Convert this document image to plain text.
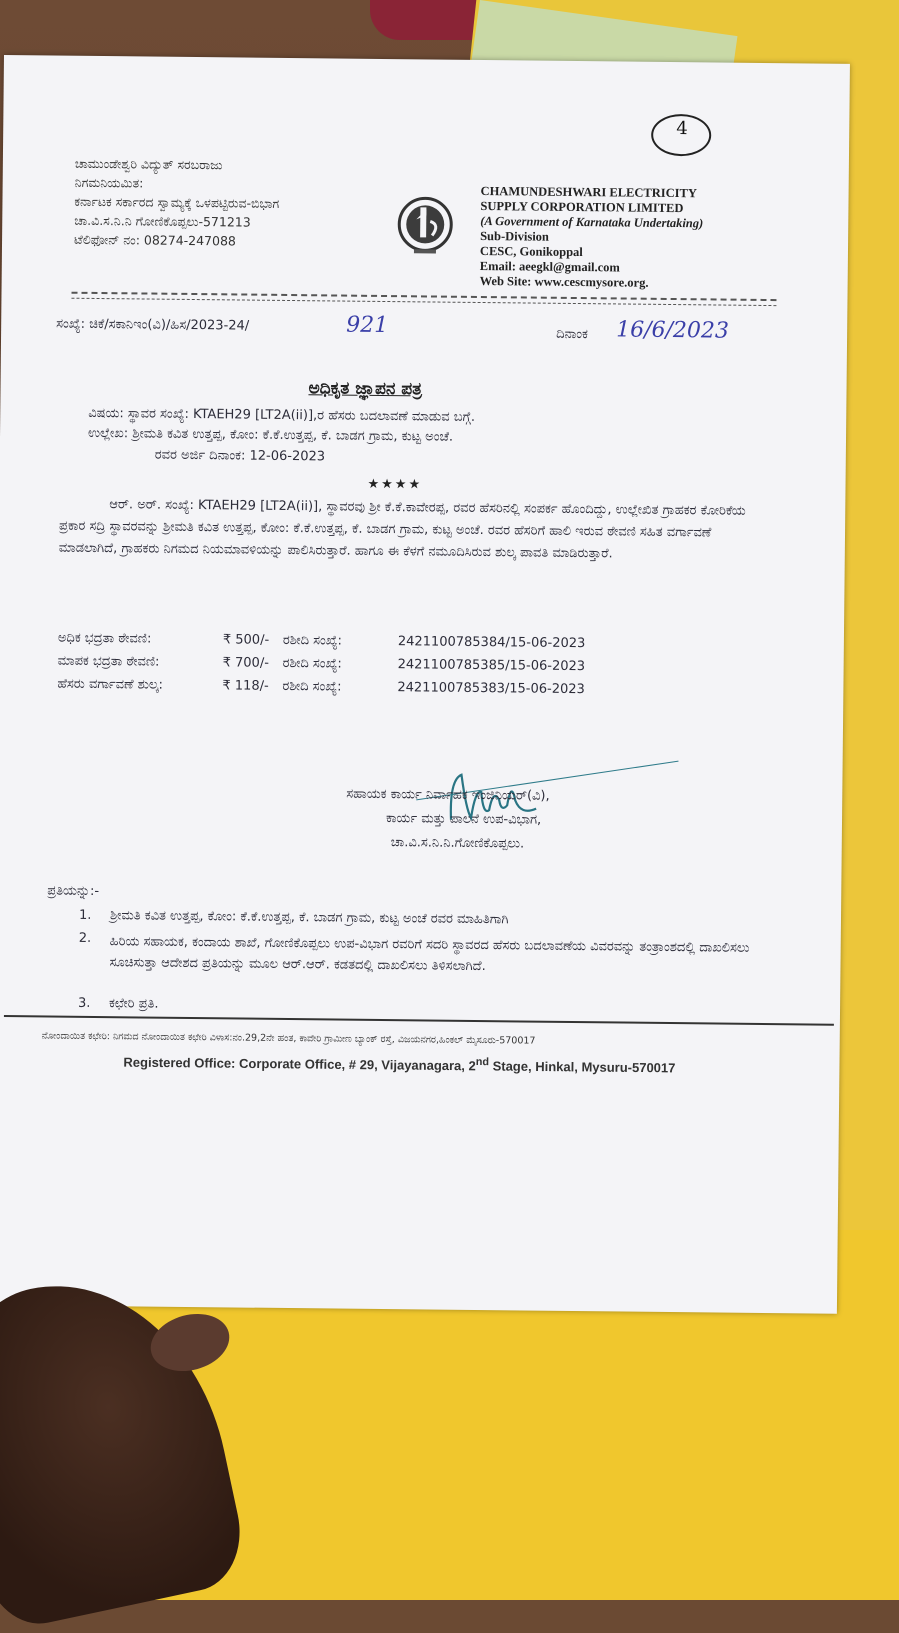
4
ಚಾಮುಂಡೇಶ್ವರಿ ವಿದ್ಯುತ್ ಸರಬರಾಜು
ನಿಗಮನಿಯಮಿತ:
ಕರ್ನಾಟಕ ಸರ್ಕಾರದ ಸ್ವಾಮ್ಯಕ್ಕೆ ಒಳಪಟ್ಟಿರುವ-ಬಿಭಾಗ
ಚಾ.ವಿ.ಸ.ನಿ.ನಿ ಗೋಣಿಕೊಪ್ಪಲು-571213
ಟೆಲಿಫೋನ್ ನಂ: 08274-247088
CHAMUNDESHWARI ELECTRICITY
SUPPLY CORPORATION LIMITED
(A Government of Karnataka Undertaking)
Sub-Division
CESC, Gonikoppal
Email: aeegkl@gmail.com
Web Site: www.cescmysore.org.
ಸಂಖ್ಯೆ: ಚಿಕೆ/ಸಕಾನಿಇಂ(ವಿ)/ಹಿಸ/2023-24/	921	ದಿನಾಂಕ 16/6/2023
ಅಧಿಕೃತ ಜ್ಞಾಪನ ಪತ್ರ
ವಿಷಯ: ಸ್ಥಾವರ ಸಂಖ್ಯೆ: KTAEH29 [LT2A(ii)],ರ ಹೆಸರು ಬದಲಾವಣೆ ಮಾಡುವ ಬಗ್ಗೆ.
ಉಲ್ಲೇಖ: ಶ್ರೀಮತಿ ಕವಿತ ಉತ್ತಪ್ಪ, ಕೋಂ: ಕೆ.ಕೆ.ಉತ್ತಪ್ಪ, ಕೆ. ಬಾಡಗ ಗ್ರಾಮ, ಕುಟ್ಟ ಅಂಚೆ.
ರವರ ಅರ್ಜಿ ದಿನಾಂಕ: 12-06-2023
★★★★
ಆರ್. ಅರ್. ಸಂಖ್ಯೆ: KTAEH29 [LT2A(ii)], ಸ್ಥಾವರವು ಶ್ರೀ ಕೆ.ಕೆ.ಕಾವೇರಪ್ಪ, ರವರ ಹೆಸರಿನಲ್ಲಿ ಸಂಪರ್ಕ ಹೊಂದಿದ್ದು, ಉಲ್ಲೇಖಿತ ಗ್ರಾಹಕರ ಕೋರಿಕೆಯ ಪ್ರಕಾರ ಸದ್ರಿ ಸ್ಥಾವರವನ್ನು ಶ್ರೀಮತಿ ಕವಿತ ಉತ್ತಪ್ಪ, ಕೋಂ: ಕೆ.ಕೆ.ಉತ್ತಪ್ಪ, ಕೆ. ಬಾಡಗ ಗ್ರಾಮ, ಕುಟ್ಟ ಅಂಚೆ. ರವರ ಹೆಸರಿಗೆ ಹಾಲಿ ಇರುವ ಠೇವಣಿ ಸಹಿತ ವರ್ಗಾವಣೆ ಮಾಡಲಾಗಿದೆ, ಗ್ರಾಹಕರು ನಿಗಮದ ನಿಯಮಾವಳಿಯನ್ನು ಪಾಲಿಸಿರುತ್ತಾರೆ. ಹಾಗೂ ಈ ಕೆಳಗೆ ನಮೂದಿಸಿರುವ ಶುಲ್ಕ ಪಾವತಿ ಮಾಡಿರುತ್ತಾರೆ.
ಅಧಿಕ ಭದ್ರತಾ ಠೇವಣಿ:	₹ 500/- ರಶೀದಿ ಸಂಖ್ಯೆ:	2421100785384/15-06-2023
ಮಾಪಕ ಭದ್ರತಾ ಠೇವಣಿ:	₹ 700/- ರಶೀದಿ ಸಂಖ್ಯೆ:	2421100785385/15-06-2023
ಹೆಸರು ವರ್ಗಾವಣೆ ಶುಲ್ಕ:	₹ 118/- ರಶೀದಿ ಸಂಖ್ಯೆ:	2421100785383/15-06-2023
ಸಹಾಯಕ ಕಾರ್ಯ ನಿರ್ವಾಹಕ ಇಂಜಿನಿಯರ್(ವಿ),
ಕಾರ್ಯ ಮತ್ತು ಪಾಲನೆ ಉಪ-ವಿಭಾಗ,
ಚಾ.ವಿ.ಸ.ನಿ.ನಿ.ಗೋಣಿಕೊಪ್ಪಲು.
ಪ್ರತಿಯನ್ನು:-
1. ಶ್ರೀಮತಿ ಕವಿತ ಉತ್ತಪ್ಪ, ಕೋಂ: ಕೆ.ಕೆ.ಉತ್ತಪ್ಪ, ಕೆ. ಬಾಡಗ ಗ್ರಾಮ, ಕುಟ್ಟ ಅಂಚೆ ರವರ ಮಾಹಿತಿಗಾಗಿ
2. ಹಿರಿಯ ಸಹಾಯಕ, ಕಂದಾಯ ಶಾಖೆ, ಗೋಣಿಕೊಪ್ಪಲು ಉಪ-ವಿಭಾಗ ರವರಿಗೆ ಸದರಿ ಸ್ಥಾವರದ ಹೆಸರು ಬದಲಾವಣೆಯ ವಿವರವನ್ನು ತಂತ್ರಾಂಶದಲ್ಲಿ ದಾಖಲಿಸಲು ಸೂಚಿಸುತ್ತಾ ಆದೇಶದ ಪ್ರತಿಯನ್ನು ಮೂಲ ಆರ್.ಆರ್. ಕಡತದಲ್ಲಿ ದಾಖಲಿಸಲು ತಿಳಿಸಲಾಗಿದೆ.
3. ಕಛೇರಿ ಪ್ರತಿ.
ನೋಂದಾಯಿತ ಕಛೇರಿ: ನಿಗಮದ ನೋಂದಾಯಿತ ಕಛೇರಿ ವಿಳಾಸ:ನಂ.29,2ನೇ ಹಂತ, ಕಾವೇರಿ ಗ್ರಾಮೀಣ ಬ್ಯಾಂಕ್ ರಸ್ತೆ, ವಿಜಯನಗರ,ಹಿಂಕಲ್ ಮೈಸೂರು-570017
Registered Office: Corporate Office, # 29, Vijayanagara, 2nd Stage, Hinkal, Mysuru-570017
